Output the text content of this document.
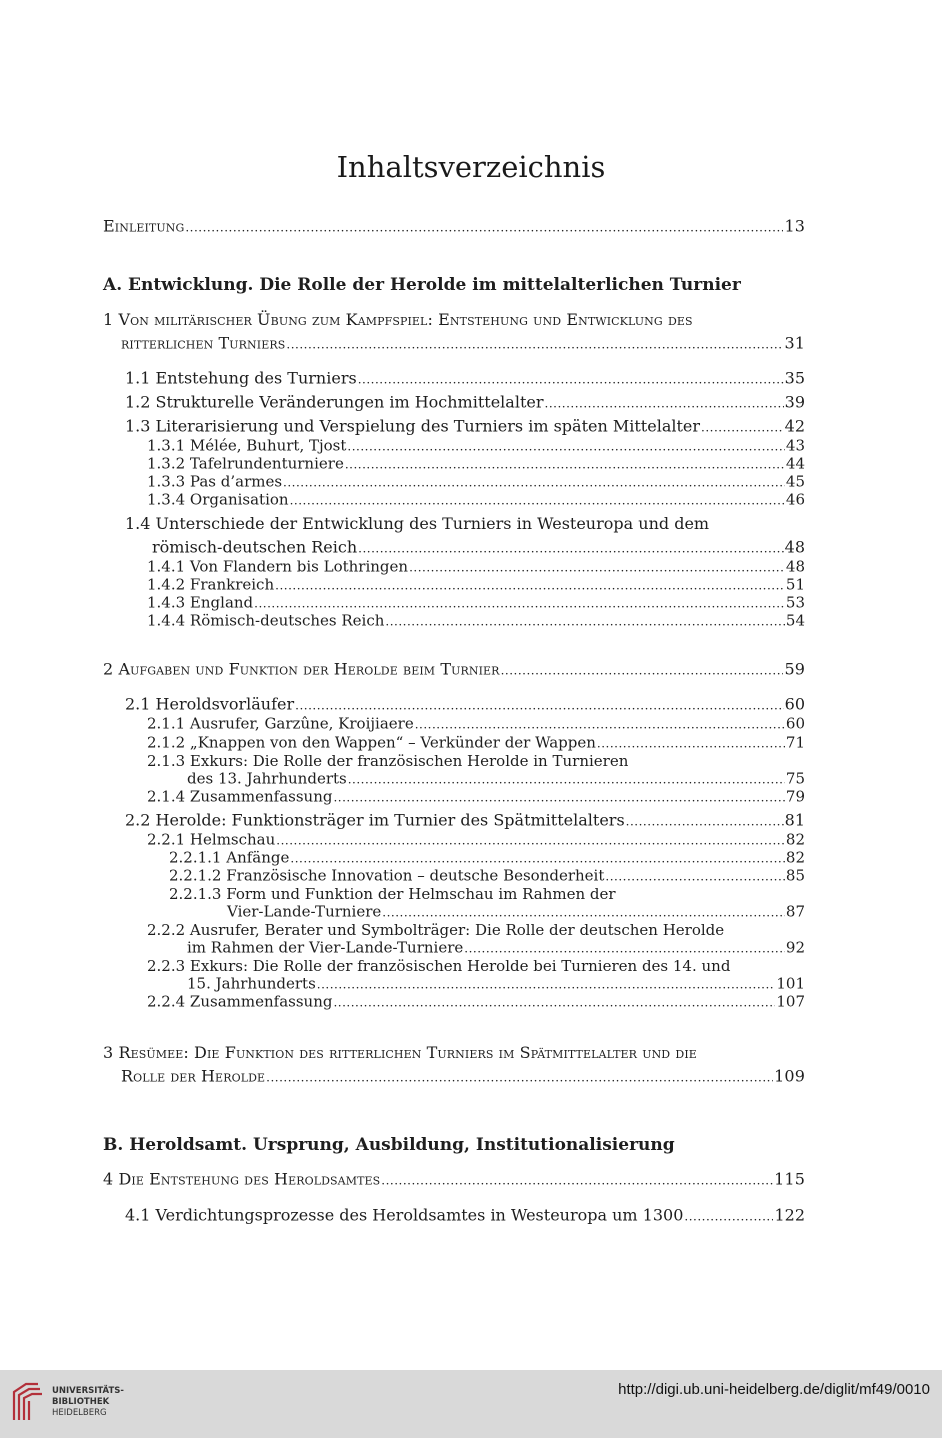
Inhaltsverzeichnis
Einleitung .....	13
A. Entwicklung. Die Rolle der Herolde im mittelalterlichen Turnier
1 Von militärischer Übung zum Kampfspiel: Entstehung und Entwicklung des
ritterlichen Turniers .....	31
1.1 Entstehung des Turniers .....	35
1.2 Strukturelle Veränderungen im Hochmittelalter .....	39
1.3 Literarisierung und Verspielung des Turniers im späten Mittelalter .....	42
1.3.1 Mélée, Buhurt, Tjost .....	43
1.3.2 Tafelrundenturniere .....	44
1.3.3 Pas d’armes .....	45
1.3.4 Organisation .....	46
1.4 Unterschiede der Entwicklung des Turniers in Westeuropa und dem
römisch-deutschen Reich .....	48
1.4.1 Von Flandern bis Lothringen .....	48
1.4.2 Frankreich .....	51
1.4.3 England .....	53
1.4.4 Römisch-deutsches Reich .....	54
2 Aufgaben und Funktion der Herolde beim Turnier .....	59
2.1 Heroldsvorläufer .....	60
2.1.1 Ausrufer, Garzûne, Kroijiaere .....	60
2.1.2 „Knappen von den Wappen“ – Verkünder der Wappen .....	71
2.1.3 Exkurs: Die Rolle der französischen Herolde in Turnieren
des 13. Jahrhunderts .....	75
2.1.4 Zusammenfassung .....	79
2.2 Herolde: Funktionsträger im Turnier des Spätmittelalters .....	81
2.2.1 Helmschau .....	82
2.2.1.1 Anfänge .....	82
2.2.1.2 Französische Innovation – deutsche Besonderheit .....	85
2.2.1.3 Form und Funktion der Helmschau im Rahmen der
Vier-Lande-Turniere .....	87
2.2.2 Ausrufer, Berater und Symbolträger: Die Rolle der deutschen Herolde
im Rahmen der Vier-Lande-Turniere .....	92
2.2.3 Exkurs: Die Rolle der französischen Herolde bei Turnieren des 14. und
15. Jahrhunderts .....	101
2.2.4 Zusammenfassung .....	107
3 Resümee: Die Funktion des ritterlichen Turniers im Spätmittelalter und die
Rolle der Herolde .....	109
B. Heroldsamt. Ursprung, Ausbildung, Institutionalisierung
4 Die Entstehung des Heroldsamtes .....	115
4.1 Verdichtungsprozesse des Heroldsamtes in Westeuropa um 1300 .....	122
UNIVERSITÄTS-
BIBLIOTHEK
HEIDELBERG
http://digi.ub.uni-heidelberg.de/diglit/mf49/0010
